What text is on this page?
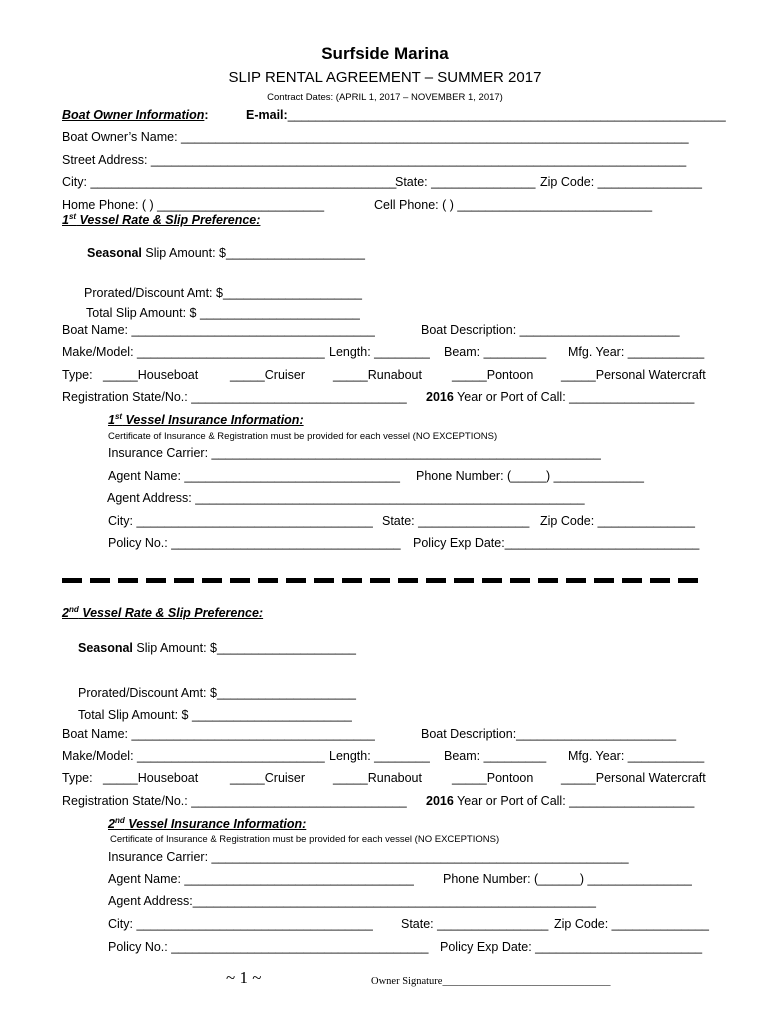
Surfside Marina
SLIP RENTAL AGREEMENT – SUMMER 2017
Contract Dates: (APRIL 1, 2017 – NOVEMBER 1, 2017)
Boat Owner Information:	E-mail:_______________________________________________________________
Boat Owner’s Name: _________________________________________________________________________
Street Address: _____________________________________________________________________________
City: ____________________________________________
State: _______________ Zip Code: _______________
Home Phone: ( ) ________________________	Cell Phone: ( ) ____________________________
1st Vessel Rate & Slip Preference:
Seasonal Slip Amount: $____________________
Prorated/Discount Amt: $____________________
Total Slip Amount: $ _______________________
Boat Name: ___________________________________	Boat Description: _______________________
Make/Model: ___________________________ Length: ________ Beam: _________ Mfg. Year: ___________
Type: _____Houseboat	_____Cruiser _____Runabout _____Pontoon _____Personal Watercraft
Registration State/No.: _______________________________ 2016 Year or Port of Call: __________________
1st Vessel Insurance Information:
Certificate of Insurance & Registration must be provided for each vessel (NO EXCEPTIONS)
Insurance Carrier: ________________________________________________________
Agent Name: _______________________________ Phone Number: (_____) _____________
Agent Address: ________________________________________________________
City: __________________________________ State: ________________ Zip Code: ______________
Policy No.: _________________________________ Policy Exp Date:____________________________
2nd Vessel Rate & Slip Preference:
Seasonal Slip Amount: $____________________
Prorated/Discount Amt: $____________________
Total Slip Amount: $ _______________________
Boat Name: ___________________________________	Boat Description:_______________________
Make/Model: ___________________________ Length: ________ Beam: _________ Mfg. Year: ___________
Type: _____Houseboat	_____Cruiser _____Runabout _____Pontoon _____Personal Watercraft
Registration State/No.: _______________________________ 2016 Year or Port of Call: __________________
2nd Vessel Insurance Information:
Certificate of Insurance & Registration must be provided for each vessel (NO EXCEPTIONS)
Insurance Carrier: ____________________________________________________________
Agent Name: _________________________________ Phone Number: (______) _______________
Agent Address:__________________________________________________________
City: __________________________________ State: ________________ Zip Code: ______________
Policy No.: _____________________________________ Policy Exp Date: ________________________
~ 1 ~	Owner Signature________________________________
